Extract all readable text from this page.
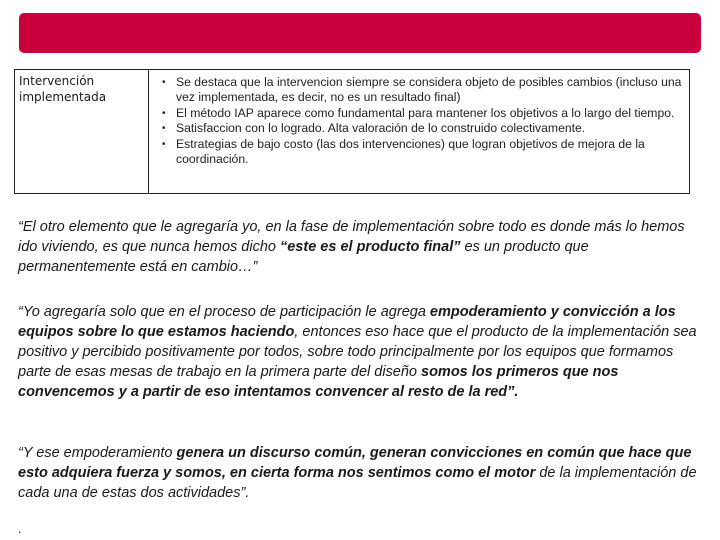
Intervención implementada
• Se destaca que la intervencion siempre se considera objeto de posibles cambios (incluso una vez implementada, es decir, no es un resultado final)
• El método IAP aparece como fundamental para mantener los objetivos a lo largo del tiempo.
• Satisfaccion con lo logrado. Alta valoración de lo construido colectivamente.
• Estrategias de bajo costo (las dos intervenciones) que logran objetivos de mejora de la coordinación.

“El otro elemento que le agregaría yo, en la fase de implementación sobre todo es donde más lo hemos ido viviendo, es que nunca hemos dicho “este es el producto final” es un producto que permanentemente está en cambio…”

“Yo agregaría solo que en el proceso de participación le agrega empoderamiento y convicción a los equipos sobre lo que estamos haciendo, entonces eso hace que el producto de la implementación sea positivo y percibido positivamente por todos, sobre todo principalmente por los equipos que formamos parte de esas mesas de trabajo en la primera parte del diseño somos los primeros que nos convencemos y a partir de eso intentamos convencer al resto de la red”.

“Y ese empoderamiento genera un discurso común, generan convicciones en común que hace que esto adquiera fuerza y somos, en cierta forma nos sentimos como el motor de la implementación de cada una de estas dos actividades”.

.
